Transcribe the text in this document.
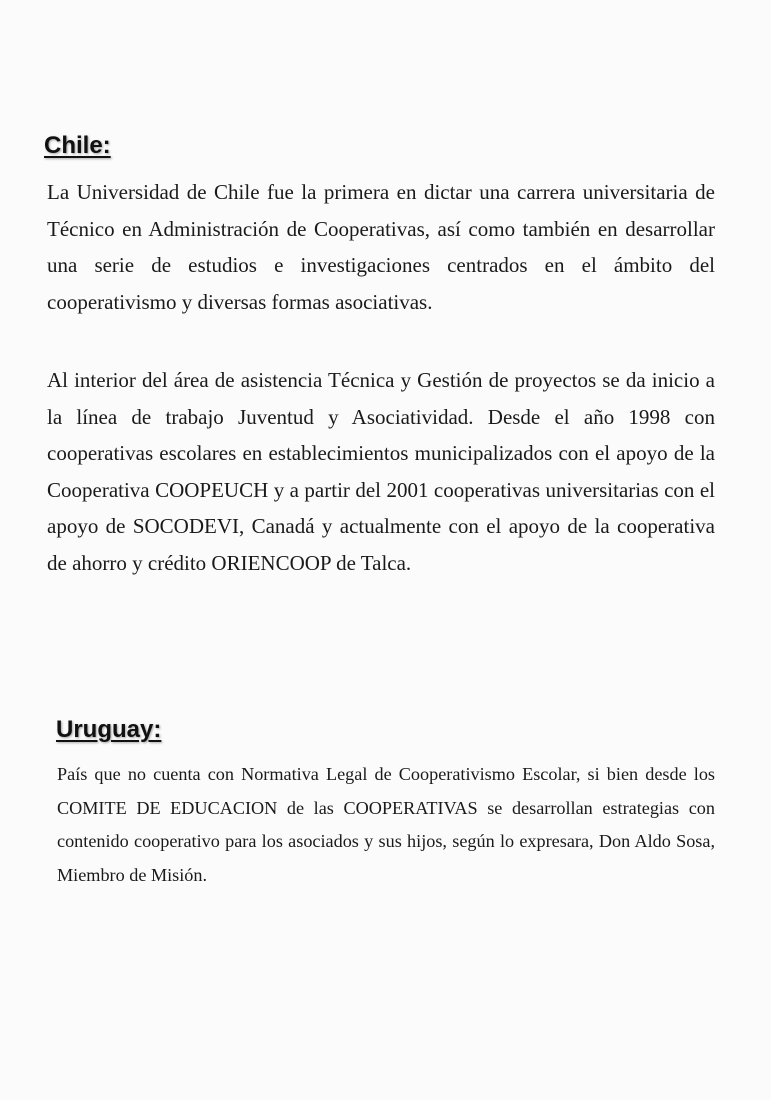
Chile:

La Universidad de Chile fue la primera en dictar una carrera universitaria de Técnico en Administración de Cooperativas, así como también en desarrollar una serie de estudios e investigaciones centrados en el ámbito del cooperativismo y diversas formas asociativas.

Al interior del área de asistencia Técnica y Gestión de proyectos se da inicio a la línea de trabajo Juventud y Asociatividad. Desde el año 1998 con cooperativas escolares en establecimientos municipalizados con el apoyo de la Cooperativa COOPEUCH y a partir del 2001 cooperativas universitarias con el apoyo de SOCODEVI, Canadá y actualmente con el apoyo de la cooperativa de ahorro y crédito ORIENCOOP de Talca.

Uruguay:

País que no cuenta con Normativa Legal de Cooperativismo Escolar, si bien desde los COMITE DE EDUCACION de las COOPERATIVAS se desarrollan estrategias con contenido cooperativo para los asociados y sus hijos, según lo expresara, Don Aldo Sosa, Miembro de Misión.
